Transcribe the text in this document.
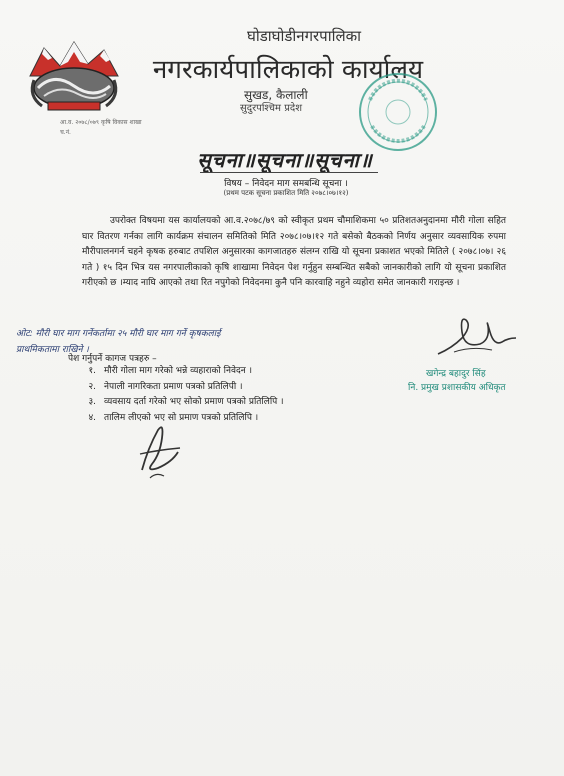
घोडाघोडीनगरपालिका
नगरकार्यपालिकाको कार्यालय
सुखड, कैलाली
सुदुरपश्चिम प्रदेश
आ.व. २०७८/०७९ कृषि विकास शाखा
च.नं.
सूचना॥सूचना॥सूचना॥
विषय – निवेदन माग समबन्धि सूचना ।
(प्रथम पटक सूचना प्रकाशित मिति २०७८।०७।१२)
उपरोक्त विषयमा यस कार्यालयको आ.व.२०७८/७९ को स्वीकृत प्रथम चौमाशिकमा ५० प्रतिशतअनुदानमा मौरी गोला सहित घार वितरण गर्नका लागि कार्यक्रम संचालन समितिको मिति २०७८।०७।१२ गते बसेको बैठकको निर्णय अनुसार व्यवसायिक रुपमा मौरीपालनगर्न चहने कृषक हरुबाट तपशिल अनुसारका कागजातहरु संलग्न राखि यो सूचना प्रकाशत भएको मितिले ( २०७८।०७। २६ गते ) १५ दिन भित्र यस नगरपालीकाको कृषि शाखामा निवेदन पेश गर्नुहुन सम्बन्धित सबैको जानकारीको लागि यो सूचना प्रकाशित गरीएको छ ।म्याद नाघि आएको तथा रित नपुगेको निवेदनमा कुनै पनि कारवाहि नहुने व्यहोरा समेत जानकारी गराइन्छ ।
ओट: मौरी घार माग गर्नेकर्तामा २५ मौरी घार माग गर्ने कृषकलाई
प्राथमिकतामा राखिने ।
खगेन्द्र बहादुर सिंह
नि. प्रमुख प्रशासकीय अधिकृत
पेश गर्नुपर्ने कागज पत्रहरु –
१. मौरी गोला माग गरेको भन्ने व्यहाराको निवेदन ।
२. नेपाली नागरिकता प्रमाण पत्रको प्रतिलिपी ।
३. व्यवसाय दर्ता गरेको भए सोको प्रमाण पत्रको प्रतिलिपि ।
४. तालिम लीएको भए सो प्रमाण पत्रको प्रतिलिपि ।
